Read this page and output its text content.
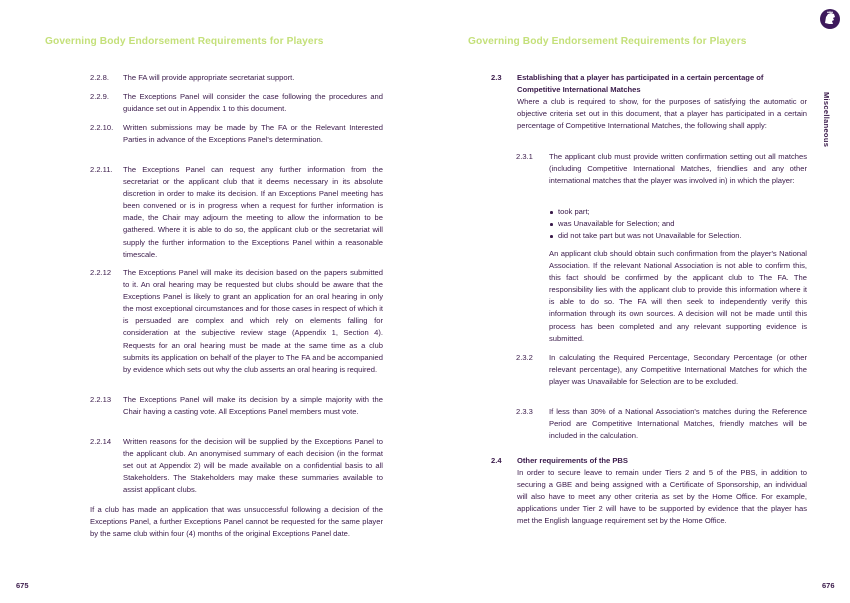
Governing Body Endorsement Requirements for Players
2.2.8. The FA will provide appropriate secretariat support.
2.2.9. The Exceptions Panel will consider the case following the procedures and guidance set out in Appendix 1 to this document.
2.2.10. Written submissions may be made by The FA or the Relevant Interested Parties in advance of the Exceptions Panel's determination.
2.2.11. The Exceptions Panel can request any further information from the secretariat or the applicant club that it deems necessary in its absolute discretion in order to make its decision. If an Exceptions Panel meeting has been convened or is in progress when a request for further information is made, the Chair may adjourn the meeting to allow the information to be gathered. Where it is able to do so, the applicant club or the secretariat will supply the further information to the Exceptions Panel within a reasonable timescale.
2.2.12 The Exceptions Panel will make its decision based on the papers submitted to it. An oral hearing may be requested but clubs should be aware that the Exceptions Panel is likely to grant an application for an oral hearing in only the most exceptional circumstances and for those cases in respect of which it is persuaded are complex and which rely on elements falling for consideration at the subjective review stage (Appendix 1, Section 4). Requests for an oral hearing must be made at the same time as a club submits its application on behalf of the player to The FA and be accompanied by evidence which sets out why the club asserts an oral hearing is required.
2.2.13 The Exceptions Panel will make its decision by a simple majority with the Chair having a casting vote. All Exceptions Panel members must vote.
2.2.14 Written reasons for the decision will be supplied by the Exceptions Panel to the applicant club. An anonymised summary of each decision (in the format set out at Appendix 2) will be made available on a confidential basis to all Stakeholders. The Stakeholders may make these summaries available to assist applicant clubs.
If a club has made an application that was unsuccessful following a decision of the Exceptions Panel, a further Exceptions Panel cannot be requested for the same player by the same club within four (4) months of the original Exceptions Panel date.
675
Governing Body Endorsement Requirements for Players
Miscellaneous
2.3 Establishing that a player has participated in a certain percentage of Competitive International Matches
Where a club is required to show, for the purposes of satisfying the automatic or objective criteria set out in this document, that a player has participated in a certain percentage of Competitive International Matches, the following shall apply:
2.3.1 The applicant club must provide written confirmation setting out all matches (including Competitive International Matches, friendlies and any other international matches that the player was involved in) in which the player:
took part;
was Unavailable for Selection; and
did not take part but was not Unavailable for Selection.
An applicant club should obtain such confirmation from the player's National Association. If the relevant National Association is not able to confirm this, this fact should be confirmed by the applicant club to The FA. The responsibility lies with the applicant club to provide this information where it is able to do so. The FA will then seek to independently verify this information through its own sources. A decision will not be made until this process has been completed and any relevant supporting evidence is submitted.
2.3.2 In calculating the Required Percentage, Secondary Percentage (or other relevant percentage), any Competitive International Matches for which the player was Unavailable for Selection are to be excluded.
2.3.3 If less than 30% of a National Association's matches during the Reference Period are Competitive International Matches, friendly matches will be included in the calculation.
2.4 Other requirements of the PBS
In order to secure leave to remain under Tiers 2 and 5 of the PBS, in addition to securing a GBE and being assigned with a Certificate of Sponsorship, an individual will also have to meet any other criteria as set by the Home Office. For example, applications under Tier 2 will have to be supported by evidence that the player has met the English language requirement set by the Home Office.
676
